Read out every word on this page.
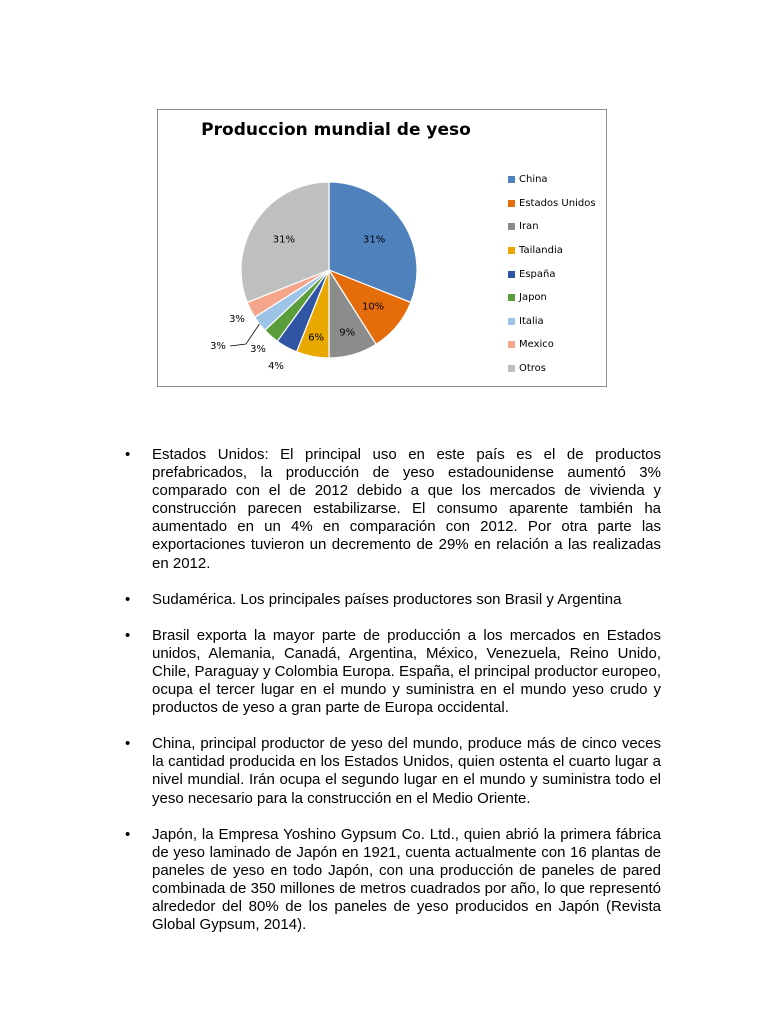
Produccion mundial de yeso
31%
10%
9%
6%
4%
3%
3%
3%
31%
China
Estados Unidos
Iran
Tailandia
España
Japon
Italia
Mexico
Otros
•	Estados Unidos: El principal uso en este país es el de productos prefabricados, la producción de yeso estadounidense aumentó 3% comparado con el de 2012 debido a que los mercados de vivienda y construcción parecen estabilizarse. El consumo aparente también ha aumentado en un 4% en comparación con 2012. Por otra parte las exportaciones tuvieron un decremento de 29% en relación a las realizadas en 2012.
•	Sudamérica. Los principales países productores son Brasil y Argentina
•	Brasil exporta la mayor parte de producción a los mercados en Estados unidos, Alemania, Canadá, Argentina, México, Venezuela, Reino Unido, Chile, Paraguay y Colombia Europa. España, el principal productor europeo, ocupa el tercer lugar en el mundo y suministra en el mundo yeso crudo y productos de yeso a gran parte de Europa occidental.
•	China, principal productor de yeso del mundo, produce más de cinco veces la cantidad producida en los Estados Unidos, quien ostenta el cuarto lugar a nivel mundial. Irán ocupa el segundo lugar en el mundo y suministra todo el yeso necesario para la construcción en el Medio Oriente.
•	Japón, la Empresa Yoshino Gypsum Co. Ltd., quien abrió la primera fábrica de yeso laminado de Japón en 1921, cuenta actualmente con 16 plantas de paneles de yeso en todo Japón, con una producción de paneles de pared combinada de 350 millones de metros cuadrados por año, lo que representó alrededor del 80% de los paneles de yeso producidos en Japón (Revista Global Gypsum, 2014).
